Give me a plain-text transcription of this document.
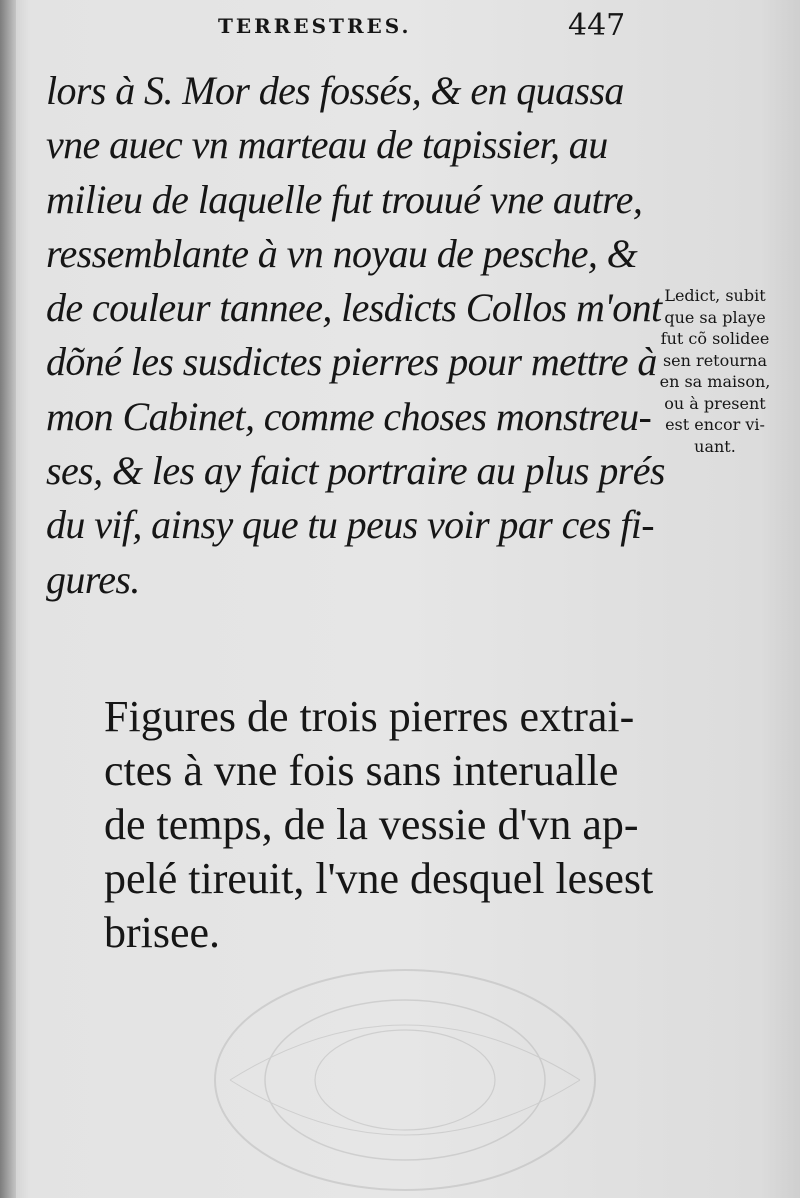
TERRESTRES.	447
lors à S. Mor des fossés, & en quassa
vne auec vn marteau de tapissier, au
milieu de laquelle fut trouué vne autre,
ressemblante à vn noyau de pesche, &
de couleur tannee, lesdicts Collos m'ont
dõné les susdictes pierres pour mettre à
mon Cabinet, comme choses monstreu-
ses, & les ay faict portraire au plus prés
du vif, ainsy que tu peus voir par ces fi-
gures.
Ledict, subit
que sa playe
fut cõ solidee
sen retourna
en sa maison,
ou à present
est encor vi-
uant.
Figures de trois pierres extrai-
ctes à vne fois sans interualle
de temps, de la vessie d'vn ap-
pelé tireuit, l'vne desquel lesest
brisee.
